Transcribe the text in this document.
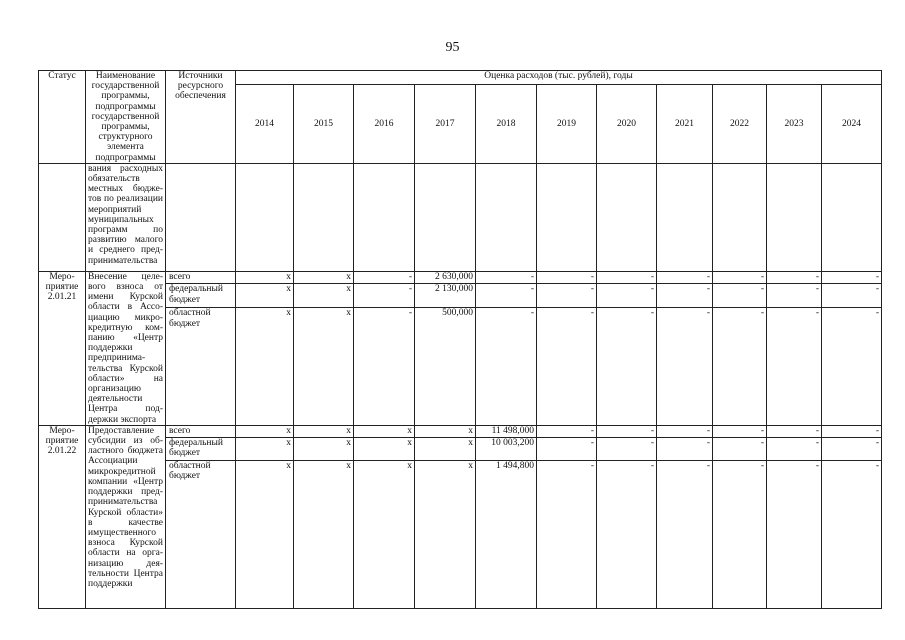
95
Статус	Наименование государственной программы, подпрограммы государственной программы, структурного элемента подпрограммы	Источники ресурсного обеспечения	Оценка расходов (тыс. рублей), годы										
			2014	2015	2016	2017	2018	2019	2020	2021	2022	2023	2024
	вания расходных обязательств местных бюджетов по реализации мероприятий муниципальных программ по развитию малого и среднего предпринимательства												
Мероприятие 2.01.21	Внесение целевого взноса от имени Курской области в Ассоциацию микрокредитную компанию «Центр поддержки предпринимательства Курской области» на организацию деятельности Центра поддержки экспорта	всего	x	x	-	2 630,000	-	-	-	-	-	-	-
		федеральный бюджет	x	x	-	2 130,000	-	-	-	-	-	-	-
		областной бюджет	x	x	-	500,000	-	-	-	-	-	-	-
Мероприятие 2.01.22	Предоставление субсидии из областного бюджета Ассоциации микрокредитной компании «Центр поддержки предпринимательства Курской области» в качестве имущественного взноса Курской области на организацию деятельности Центра поддержки	всего	x	x	x	x	11 498,000	-	-	-	-	-	-
		федеральный бюджет	x	x	x	x	10 003,200	-	-	-	-	-	-
		областной бюджет	x	x	x	x	1 494,800	-	-	-	-	-	-
